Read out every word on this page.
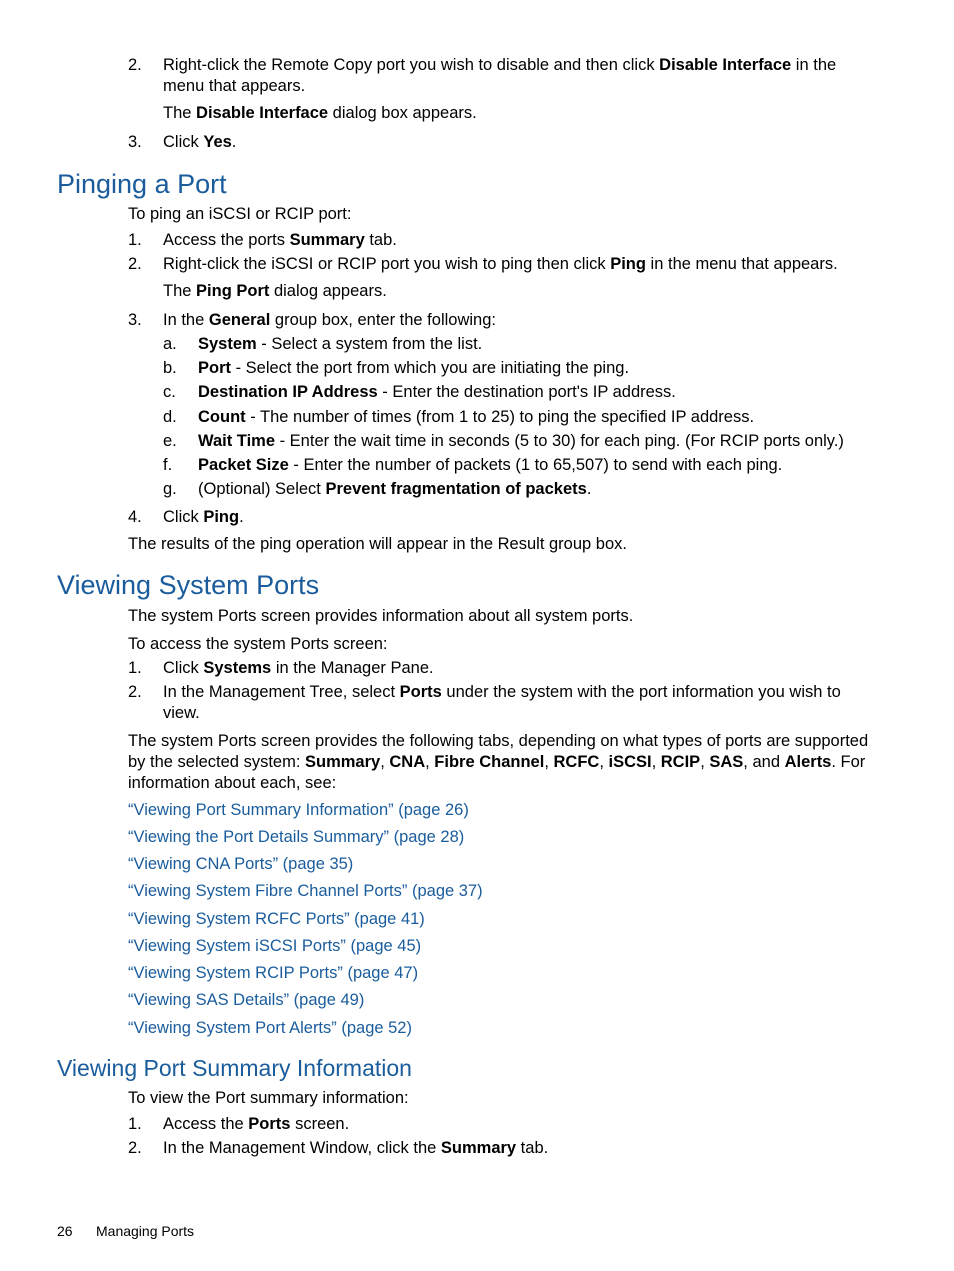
2.	Right-click the Remote Copy port you wish to disable and then click Disable Interface in the menu that appears.
The Disable Interface dialog box appears.
3.	Click Yes.
Pinging a Port
To ping an iSCSI or RCIP port:
1.	Access the ports Summary tab.
2.	Right-click the iSCSI or RCIP port you wish to ping then click Ping in the menu that appears.
The Ping Port dialog appears.
3.	In the General group box, enter the following:
a.	System - Select a system from the list.
b.	Port - Select the port from which you are initiating the ping.
c.	Destination IP Address - Enter the destination port's IP address.
d.	Count - The number of times (from 1 to 25) to ping the specified IP address.
e.	Wait Time - Enter the wait time in seconds (5 to 30) for each ping. (For RCIP ports only.)
f.	Packet Size - Enter the number of packets (1 to 65,507) to send with each ping.
g.	(Optional) Select Prevent fragmentation of packets.
4.	Click Ping.
The results of the ping operation will appear in the Result group box.
Viewing System Ports
The system Ports screen provides information about all system ports.
To access the system Ports screen:
1.	Click Systems in the Manager Pane.
2.	In the Management Tree, select Ports under the system with the port information you wish to view.
The system Ports screen provides the following tabs, depending on what types of ports are supported by the selected system: Summary, CNA, Fibre Channel, RCFC, iSCSI, RCIP, SAS, and Alerts. For information about each, see:
“Viewing Port Summary Information” (page 26)
“Viewing the Port Details Summary” (page 28)
“Viewing CNA Ports” (page 35)
“Viewing System Fibre Channel Ports” (page 37)
“Viewing System RCFC Ports” (page 41)
“Viewing System iSCSI Ports” (page 45)
“Viewing System RCIP Ports” (page 47)
“Viewing SAS Details” (page 49)
“Viewing System Port Alerts” (page 52)
Viewing Port Summary Information
To view the Port summary information:
1.	Access the Ports screen.
2.	In the Management Window, click the Summary tab.
26 Managing Ports
